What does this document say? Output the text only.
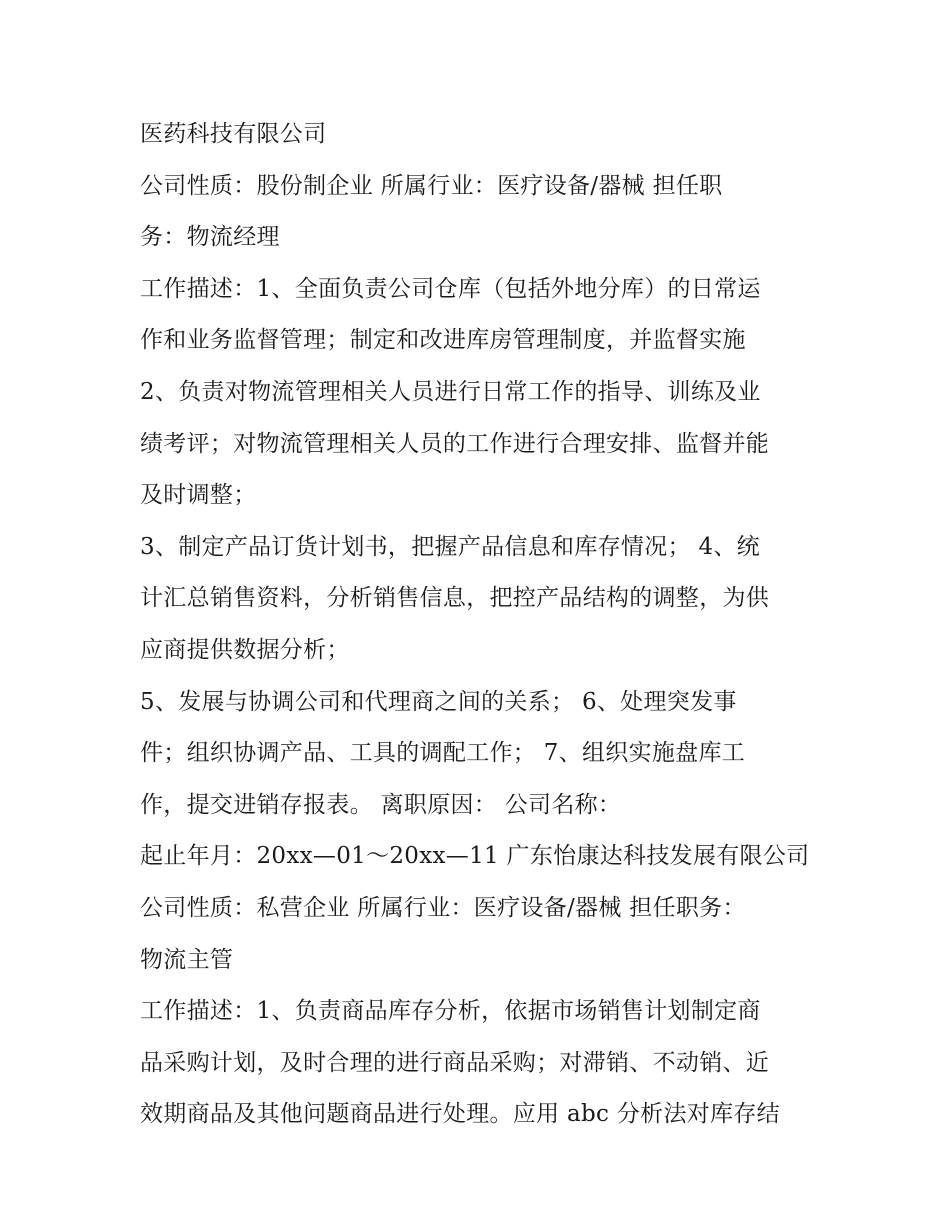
医药科技有限公司
公司性质：股份制企业 所属行业：医疗设备/器械 担任职
务：物流经理
工作描述：1、全面负责公司仓库（包括外地分库）的日常运
作和业务监督管理；制定和改进库房管理制度，并监督实施
2、负责对物流管理相关人员进行日常工作的指导、训练及业
绩考评；对物流管理相关人员的工作进行合理安排、监督并能
及时调整；
3、制定产品订货计划书，把握产品信息和库存情况； 4、统
计汇总销售资料，分析销售信息，把控产品结构的调整，为供
应商提供数据分析；
5、发展与协调公司和代理商之间的关系； 6、处理突发事
件；组织协调产品、工具的调配工作； 7、组织实施盘库工
作，提交进销存报表。 离职原因： 公司名称：
起止年月：20xx—01～20xx—11 广东怡康达科技发展有限公司
公司性质：私营企业 所属行业：医疗设备/器械 担任职务：
物流主管
工作描述：1、负责商品库存分析，依据市场销售计划制定商
品采购计划，及时合理的进行商品采购；对滞销、不动销、近
效期商品及其他问题商品进行处理。应用 abc 分析法对库存结
